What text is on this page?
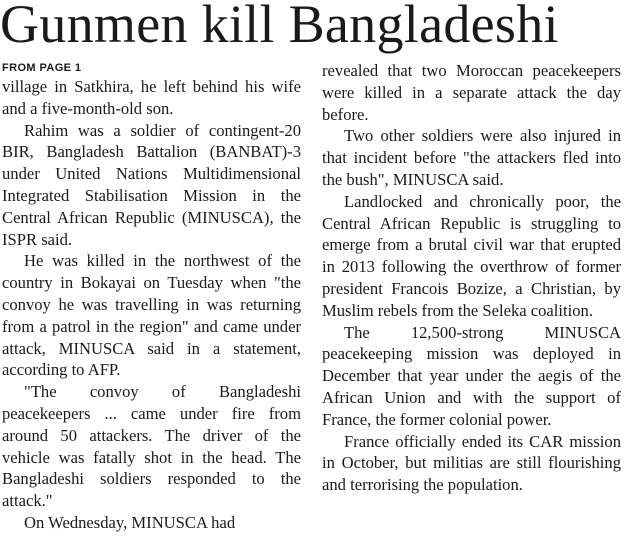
Gunmen kill Bangladeshi
FROM PAGE 1

village in Satkhira, he left behind his wife and a five-month-old son.

Rahim was a soldier of contingent-20 BIR, Bangladesh Battalion (BANBAT)-3 under United Nations Multidimensional Integrated Stabilisation Mission in the Central African Republic (MINUSCA), the ISPR said.

He was killed in the northwest of the country in Bokayai on Tuesday when "the convoy he was travelling in was returning from a patrol in the region" and came under attack, MINUSCA said in a statement, according to AFP.

"The convoy of Bangladeshi peacekeepers ... came under fire from around 50 attackers. The driver of the vehicle was fatally shot in the head. The Bangladeshi soldiers responded to the attack."

On Wednesday, MINUSCA had

revealed that two Moroccan peacekeepers were killed in a separate attack the day before.

Two other soldiers were also injured in that incident before "the attackers fled into the bush", MINUSCA said.

Landlocked and chronically poor, the Central African Republic is struggling to emerge from a brutal civil war that erupted in 2013 following the overthrow of former president Francois Bozize, a Christian, by Muslim rebels from the Seleka coalition.

The 12,500-strong MINUSCA peacekeeping mission was deployed in December that year under the aegis of the African Union and with the support of France, the former colonial power.

France officially ended its CAR mission in October, but militias are still flourishing and terrorising the population.
